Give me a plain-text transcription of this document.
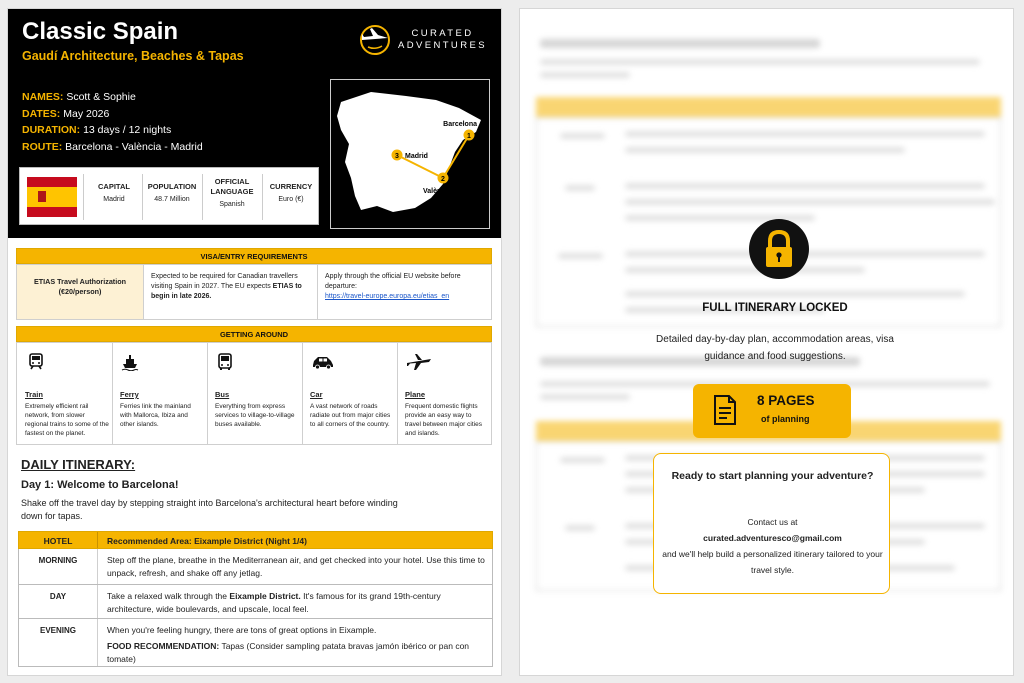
Classic Spain
Gaudí Architecture, Beaches & Tapas
CURATED
ADVENTURES
NAMES: Scott & Sophie
DATES: May 2026
DURATION: 13 days / 12 nights
ROUTE: Barcelona - València - Madrid
1
2
3
Barcelona
València
Madrid
CAPITAL
Madrid
POPULATION
48.7 Million
OFFICIAL LANGUAGE
Spanish
CURRENCY
Euro (€)
VISA/ENTRY REQUIREMENTS
ETIAS Travel Authorization (€20/person)
Expected to be required for Canadian travellers visiting Spain in 2027. The EU expects ETIAS to begin in late 2026.
Apply through the official EU website before departure:
https://travel-europe.europa.eu/etias_en
GETTING AROUND
Train
Extremely efficient rail network, from slower regional trains to some of the fastest on the planet.
Ferry
Ferries link the mainland with Mallorca, Ibiza and other islands.
Bus
Everything from express services to village-to-village buses available.
Car
A vast network of roads radiate out from major cities to all corners of the country.
Plane
Frequent domestic flights provide an easy way to travel between major cities and islands.
DAILY ITINERARY:
Day 1: Welcome to Barcelona!
Shake off the travel day by stepping straight into Barcelona's architectural heart before winding down for tapas.
HOTEL	Recommended Area: Eixample District (Night 1/4)
MORNING	Step off the plane, breathe in the Mediterranean air, and get checked into your hotel. Use this time to unpack, refresh, and shake off any jetlag.
DAY	Take a relaxed walk through the Eixample District. It's famous for its grand 19th-century architecture, wide boulevards, and upscale, local feel.
EVENING	When you're feeling hungry, there are tons of great options in Eixample.
FOOD RECOMMENDATION: Tapas (Consider sampling patata bravas jamón ibérico or pan con tomate)
FULL ITINERARY LOCKED
Detailed day-by-day plan, accommodation areas, visa guidance and food suggestions.
8 PAGES
of planning
Ready to start planning your adventure?
Contact us at
curated.adventuresco@gmail.com
and we'll help build a personalized itinerary tailored to your travel style.
